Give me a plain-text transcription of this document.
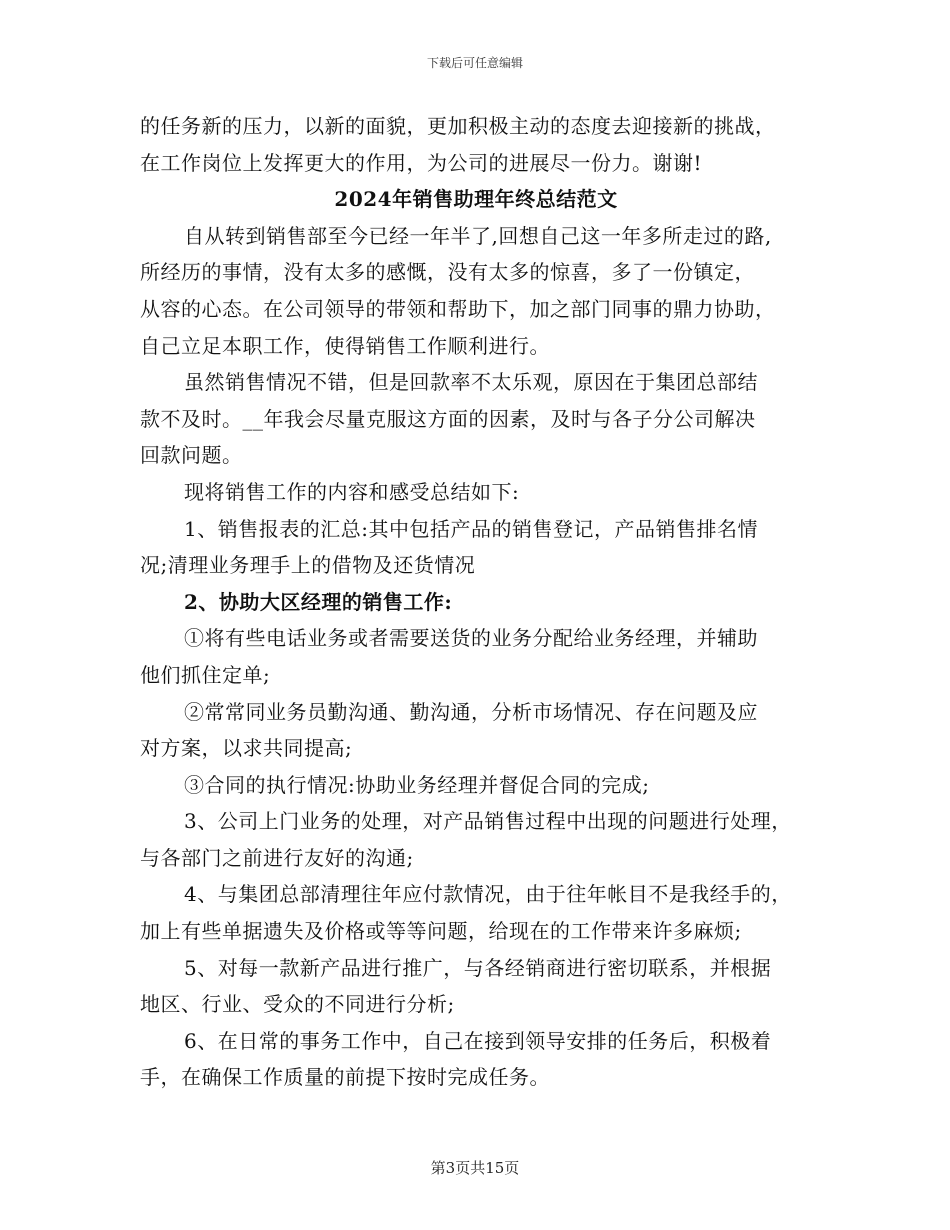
下载后可任意编辑
的任务新的压力，以新的面貌，更加积极主动的态度去迎接新的挑战，
在工作岗位上发挥更大的作用，为公司的进展尽一份力。谢谢!
2024年销售助理年终总结范文
自从转到销售部至今已经一年半了,回想自己这一年多所走过的路,
所经历的事情，没有太多的感慨，没有太多的惊喜，多了一份镇定，
从容的心态。在公司领导的带领和帮助下，加之部门同事的鼎力协助，
自己立足本职工作，使得销售工作顺利进行。
虽然销售情况不错，但是回款率不太乐观，原因在于集团总部结
款不及时。__年我会尽量克服这方面的因素，及时与各子分公司解决
回款问题。
现将销售工作的内容和感受总结如下:
1、销售报表的汇总:其中包括产品的销售登记，产品销售排名情
况;清理业务理手上的借物及还货情况
2、协助大区经理的销售工作:
①将有些电话业务或者需要送货的业务分配给业务经理，并辅助
他们抓住定单;
②常常同业务员勤沟通、勤沟通，分析市场情况、存在问题及应
对方案，以求共同提高;
③合同的执行情况:协助业务经理并督促合同的完成;
3、公司上门业务的处理，对产品销售过程中出现的问题进行处理，
与各部门之前进行友好的沟通;
4、与集团总部清理往年应付款情况，由于往年帐目不是我经手的，
加上有些单据遗失及价格或等等问题，给现在的工作带来许多麻烦;
5、对每一款新产品进行推广，与各经销商进行密切联系，并根据
地区、行业、受众的不同进行分析;
6、在日常的事务工作中，自己在接到领导安排的任务后，积极着
手，在确保工作质量的前提下按时完成任务。
第3页共15页
